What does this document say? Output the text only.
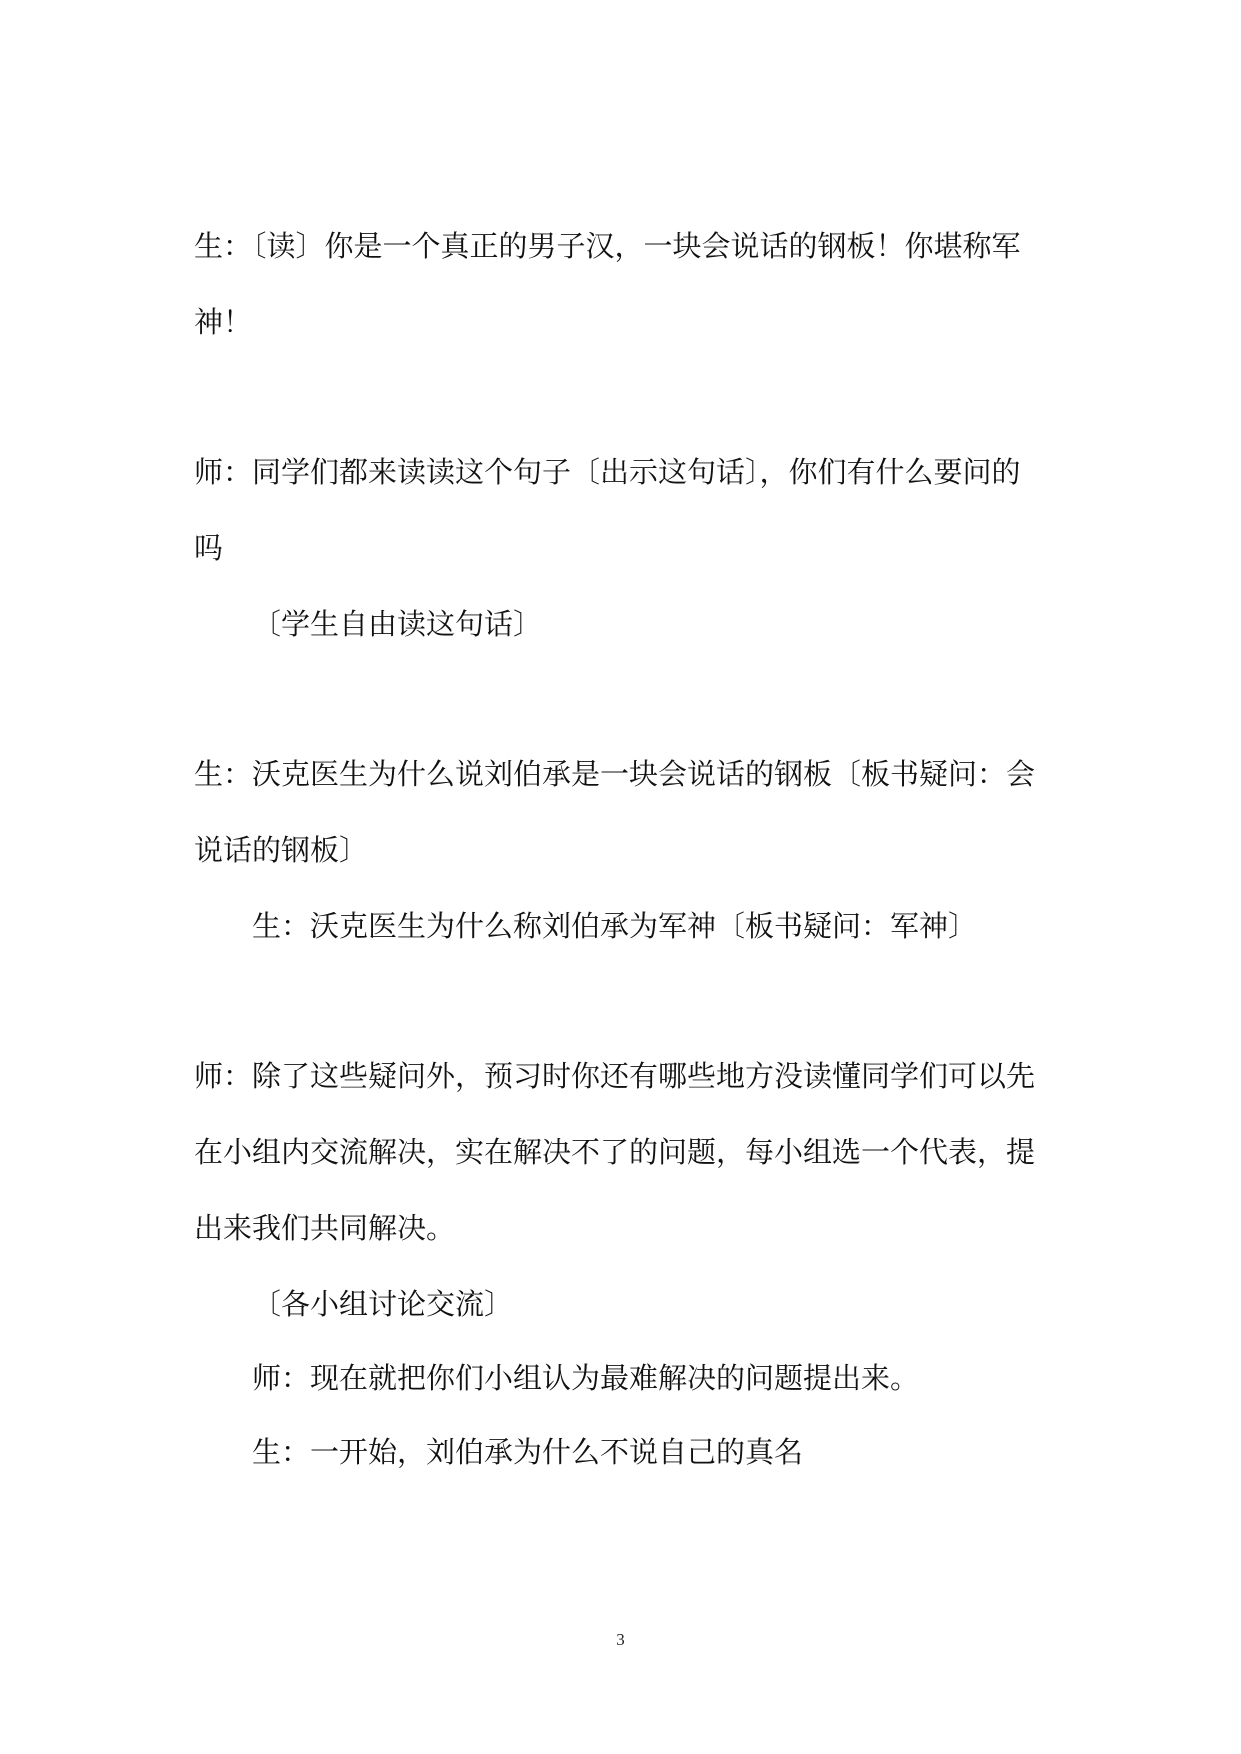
生：〔读〕你是一个真正的男子汉，一块会说话的钢板！你堪称军
神！
师：同学们都来读读这个句子〔出示这句话〕，你们有什么要问的
吗
〔学生自由读这句话〕
生：沃克医生为什么说刘伯承是一块会说话的钢板〔板书疑问：会
说话的钢板〕
生：沃克医生为什么称刘伯承为军神〔板书疑问：军神〕
师：除了这些疑问外，预习时你还有哪些地方没读懂同学们可以先
在小组内交流解决，实在解决不了的问题，每小组选一个代表，提
出来我们共同解决。
〔各小组讨论交流〕
师：现在就把你们小组认为最难解决的问题提出来。
生：一开始，刘伯承为什么不说自己的真名
3
